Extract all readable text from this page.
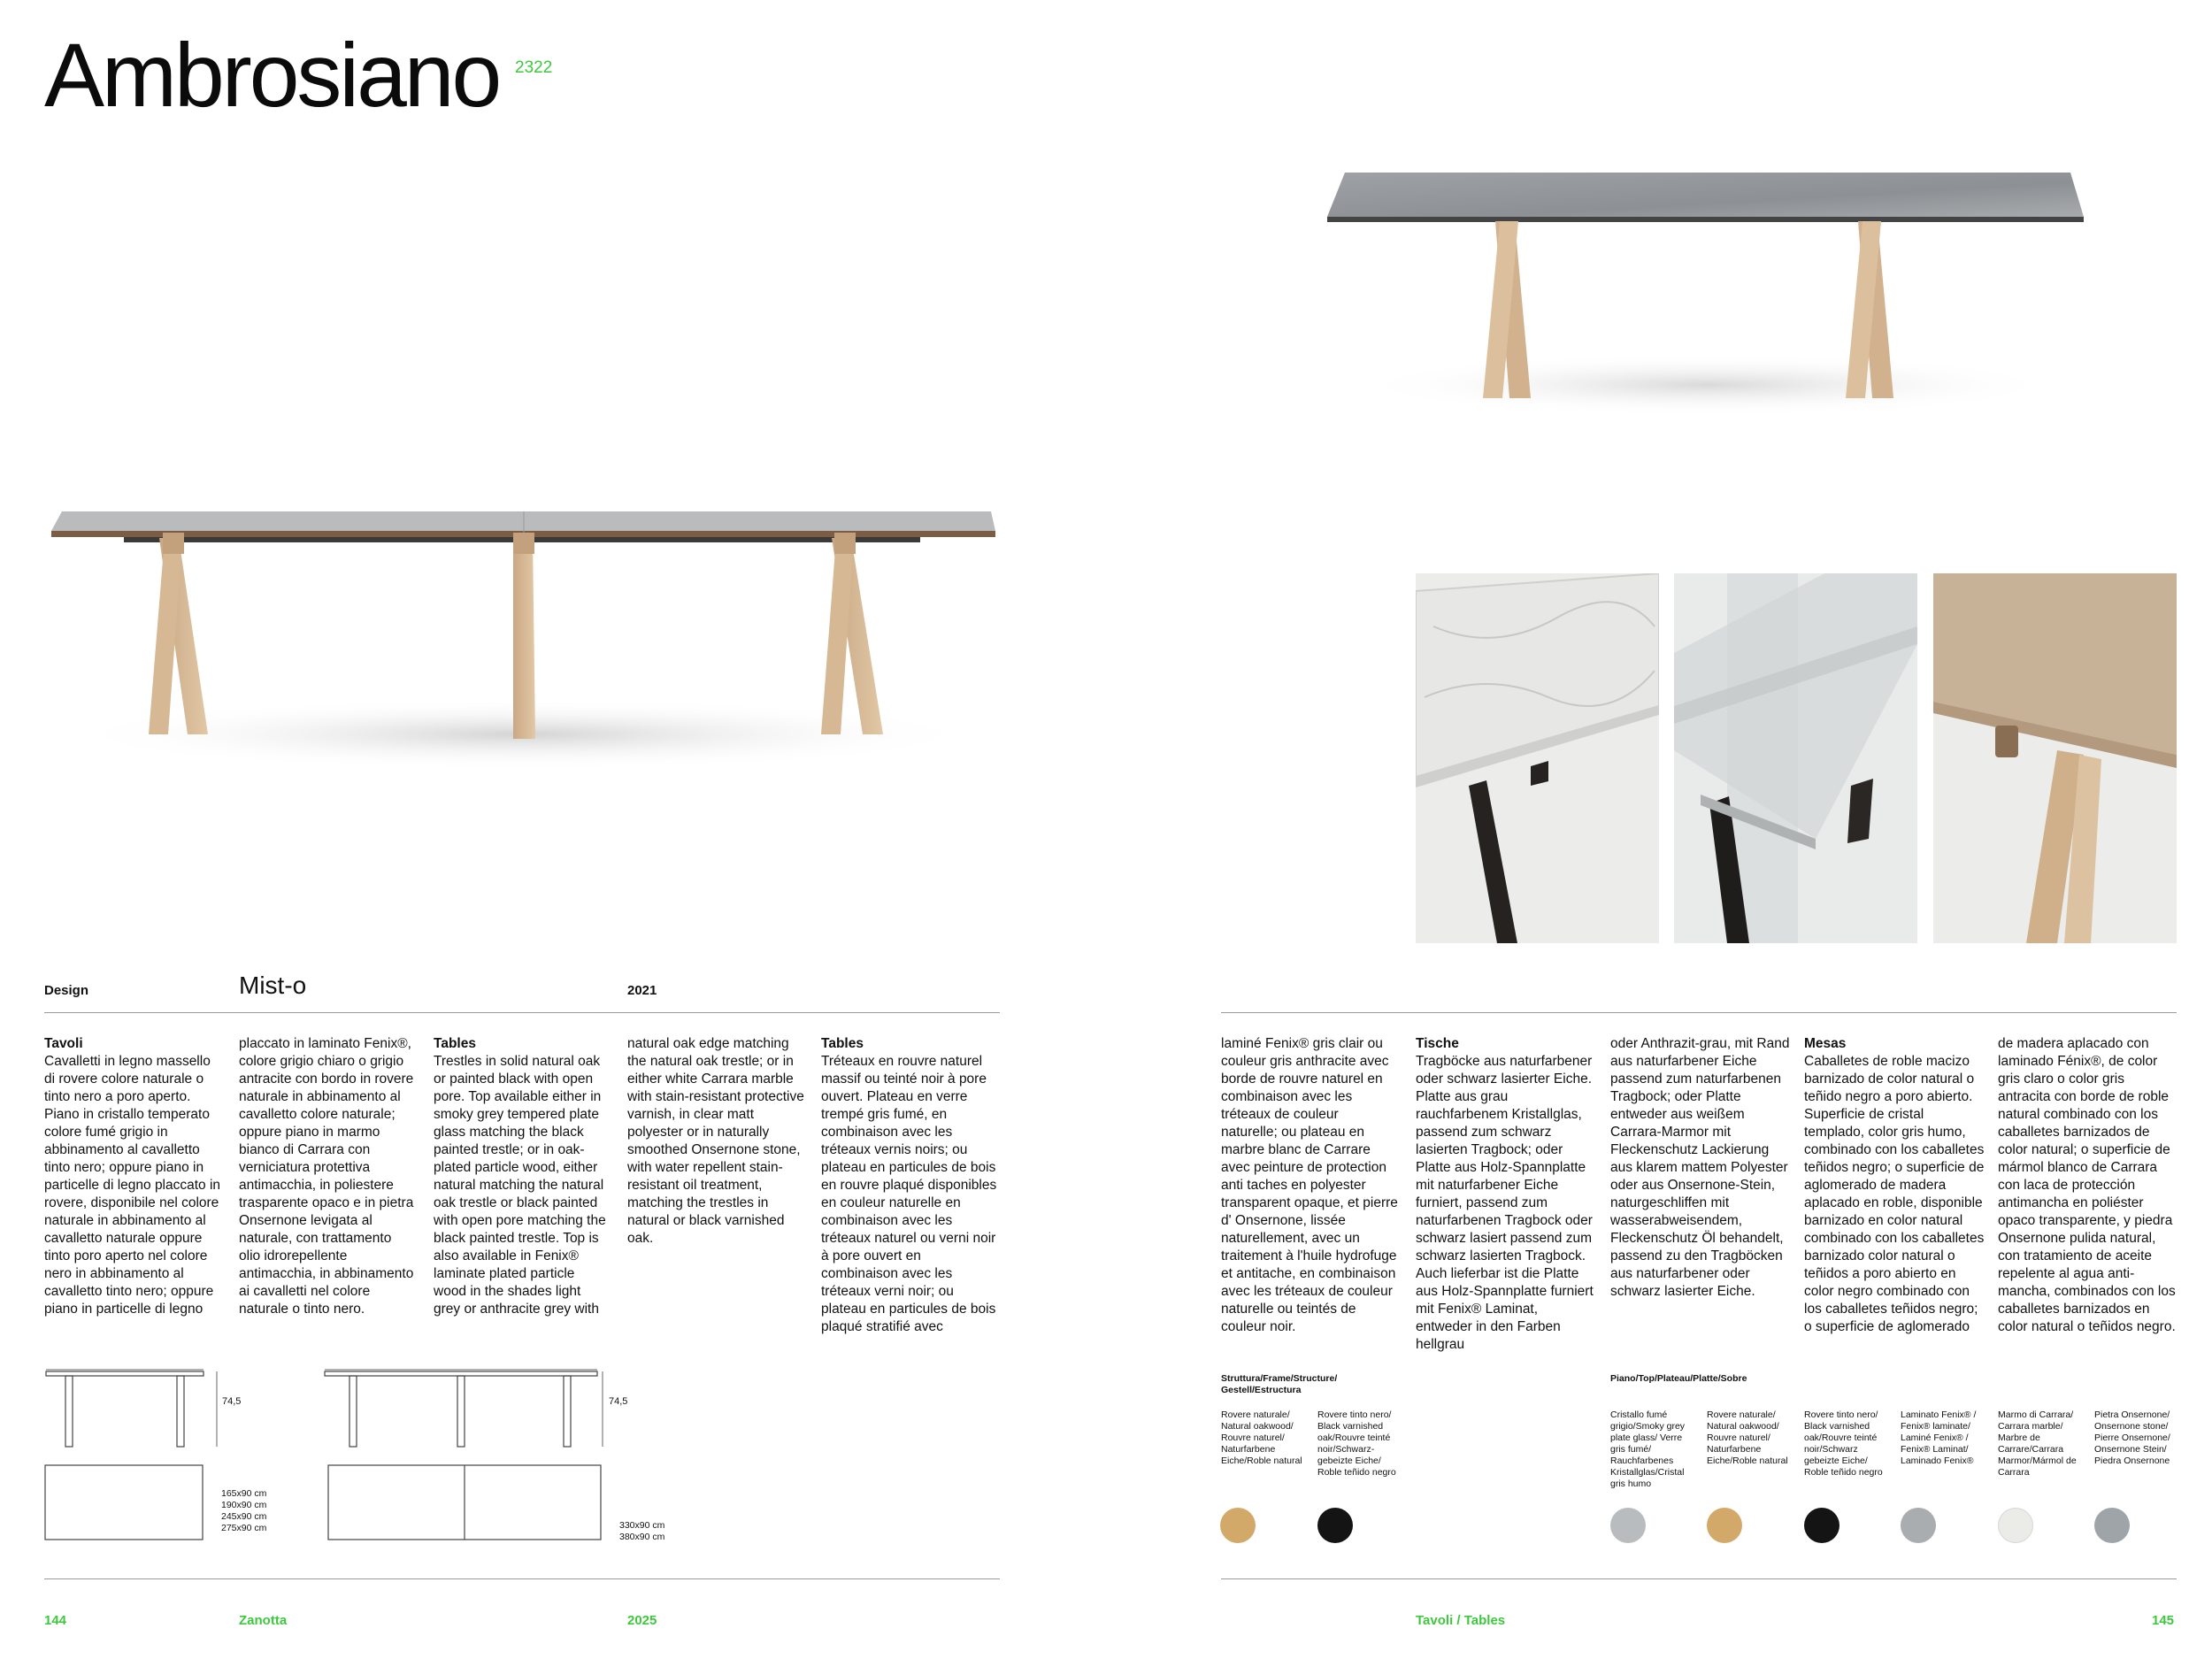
Ambrosiano 2322
Design	Mist-o	2021
Tavoli
Cavalletti in legno massello di rovere colore naturale o tinto nero a poro aperto. Piano in cristallo temperato colore fumé grigio in abbinamento al cavalletto tinto nero; oppure piano in particelle di legno placcato in rovere, disponibile nel colore naturale in abbinamento al cavalletto naturale oppure tinto poro aperto nel colore nero in abbinamento al cavalletto tinto nero; oppure piano in particelle di legno
placcato in laminato Fenix®, colore grigio chiaro o grigio antracite con bordo in rovere naturale in abbinamento al cavalletto colore naturale; oppure piano in marmo bianco di Carrara con verniciatura protettiva antimacchia, in poliestere trasparente opaco e in pietra Onsernone levigata al naturale, con trattamento olio idrorepellente antimacchia, in abbinamento ai cavalletti nel colore naturale o tinto nero.
Tables
Trestles in solid natural oak or painted black with open pore. Top available either in smoky grey tempered plate glass matching the black painted trestle; or in oak-plated particle wood, either natural matching the natural oak trestle or black painted with open pore matching the black painted trestle. Top is also available in Fenix® laminate plated particle wood in the shades light grey or anthracite grey with
natural oak edge matching the natural oak trestle; or in either white Carrara marble with stain-resistant protective varnish, in clear matt polyester or in naturally smoothed Onsernone stone, with water repellent stain-resistant oil treatment, matching the trestles in natural or black varnished oak.
Tables
Tréteaux en rouvre naturel massif ou teinté noir à pore ouvert. Plateau en verre trempé gris fumé, en combinaison avec les tréteaux vernis noirs; ou plateau en particules de bois en rouvre plaqué disponibles en couleur naturelle en combinaison avec les tréteaux naturel ou verni noir à pore ouvert en combinaison avec les tréteaux verni noir; ou plateau en particules de bois plaqué stratifié avec
laminé Fenix® gris clair ou couleur gris anthracite avec borde de rouvre naturel en combinaison avec les tréteaux de couleur naturelle; ou plateau en marbre blanc de Carrare avec peinture de protection anti taches en polyester transparent opaque, et pierre d' Onsernone, lissée naturellement, avec un traitement à l'huile hydrofuge et antitache, en combinaison avec les tréteaux de couleur naturelle ou teintés de couleur noir.
Tische
Tragböcke aus naturfarbener oder schwarz lasierter Eiche. Platte aus grau rauchfarbenem Kristallglas, passend zum schwarz lasierten Tragbock; oder Platte aus Holz-Spannplatte mit naturfarbener Eiche furniert, passend zum naturfarbenen Tragbock oder schwarz lasiert passend zum schwarz lasierten Tragbock. Auch lieferbar ist die Platte aus Holz-Spannplatte furniert mit Fenix® Laminat, entweder in den Farben hellgrau
oder Anthrazit-grau, mit Rand aus naturfarbener Eiche passend zum naturfarbenen Tragbock; oder Platte entweder aus weißem Carrara-Marmor mit Fleckenschutz Lackierung aus klarem mattem Polyester oder aus Onsernone-Stein, naturgeschliffen mit wasserabweisendem, Fleckenschutz Öl behandelt, passend zu den Tragböcken aus naturfarbener oder schwarz lasierter Eiche.
Mesas
Caballetes de roble macizo barnizado de color natural o teñido negro a poro abierto. Superficie de cristal templado, color gris humo, combinado con los caballetes teñidos negro; o superficie de aglomerado de madera aplacado en roble, disponible barnizado en color natural combinado con los caballetes barnizado color natural o teñidos a poro abierto en color negro combinado con los caballetes teñidos negro; o superficie de aglomerado
de madera aplacado con laminado Fénix®, de color gris claro o color gris antracita con borde de roble natural combinado con los caballetes barnizados de color natural; o superficie de mármol blanco de Carrara con laca de protección antimancha en poliéster opaco transparente, y piedra Onsernone pulida natural, con tratamiento de aceite repelente al agua anti-mancha, combinados con los caballetes barnizados en color natural o teñidos negro.
74,5	74,5
165x90 cm
190x90 cm
245x90 cm
275x90 cm	330x90 cm
380x90 cm
Struttura/Frame/Structure/ Gestell/Estructura
Rovere naturale/ Natural oakwood/ Rouvre naturel/ Naturfarbene Eiche/Roble natural
Rovere tinto nero/ Black varnished oak/Rouvre teinté noir/Schwarz- gebeizte Eiche/ Roble teñido negro
Piano/Top/Plateau/Platte/Sobre
Cristallo fumé grigio/Smoky grey plate glass/ Verre gris fumé/ Rauchfarbenes Kristallglas/Cristal gris humo
Rovere naturale/ Natural oakwood/ Rouvre naturel/ Naturfarbene Eiche/Roble natural
Rovere tinto nero/ Black varnished oak/Rouvre teinté noir/Schwarz gebeizte Eiche/ Roble teñido negro
Laminato Fenix® / Fenix® laminate/ Laminé Fenix® / Fenix® Laminat/ Laminado Fenix®
Marmo di Carrara/ Carrara marble/ Marbre de Carrare/Carrara Marmor/Mármol de Carrara
Pietra Onsernone/ Onsernone stone/ Pierre Onsernone/ Onsernone Stein/ Piedra Onsernone
144	Zanotta	2025	Tavoli / Tables	145
